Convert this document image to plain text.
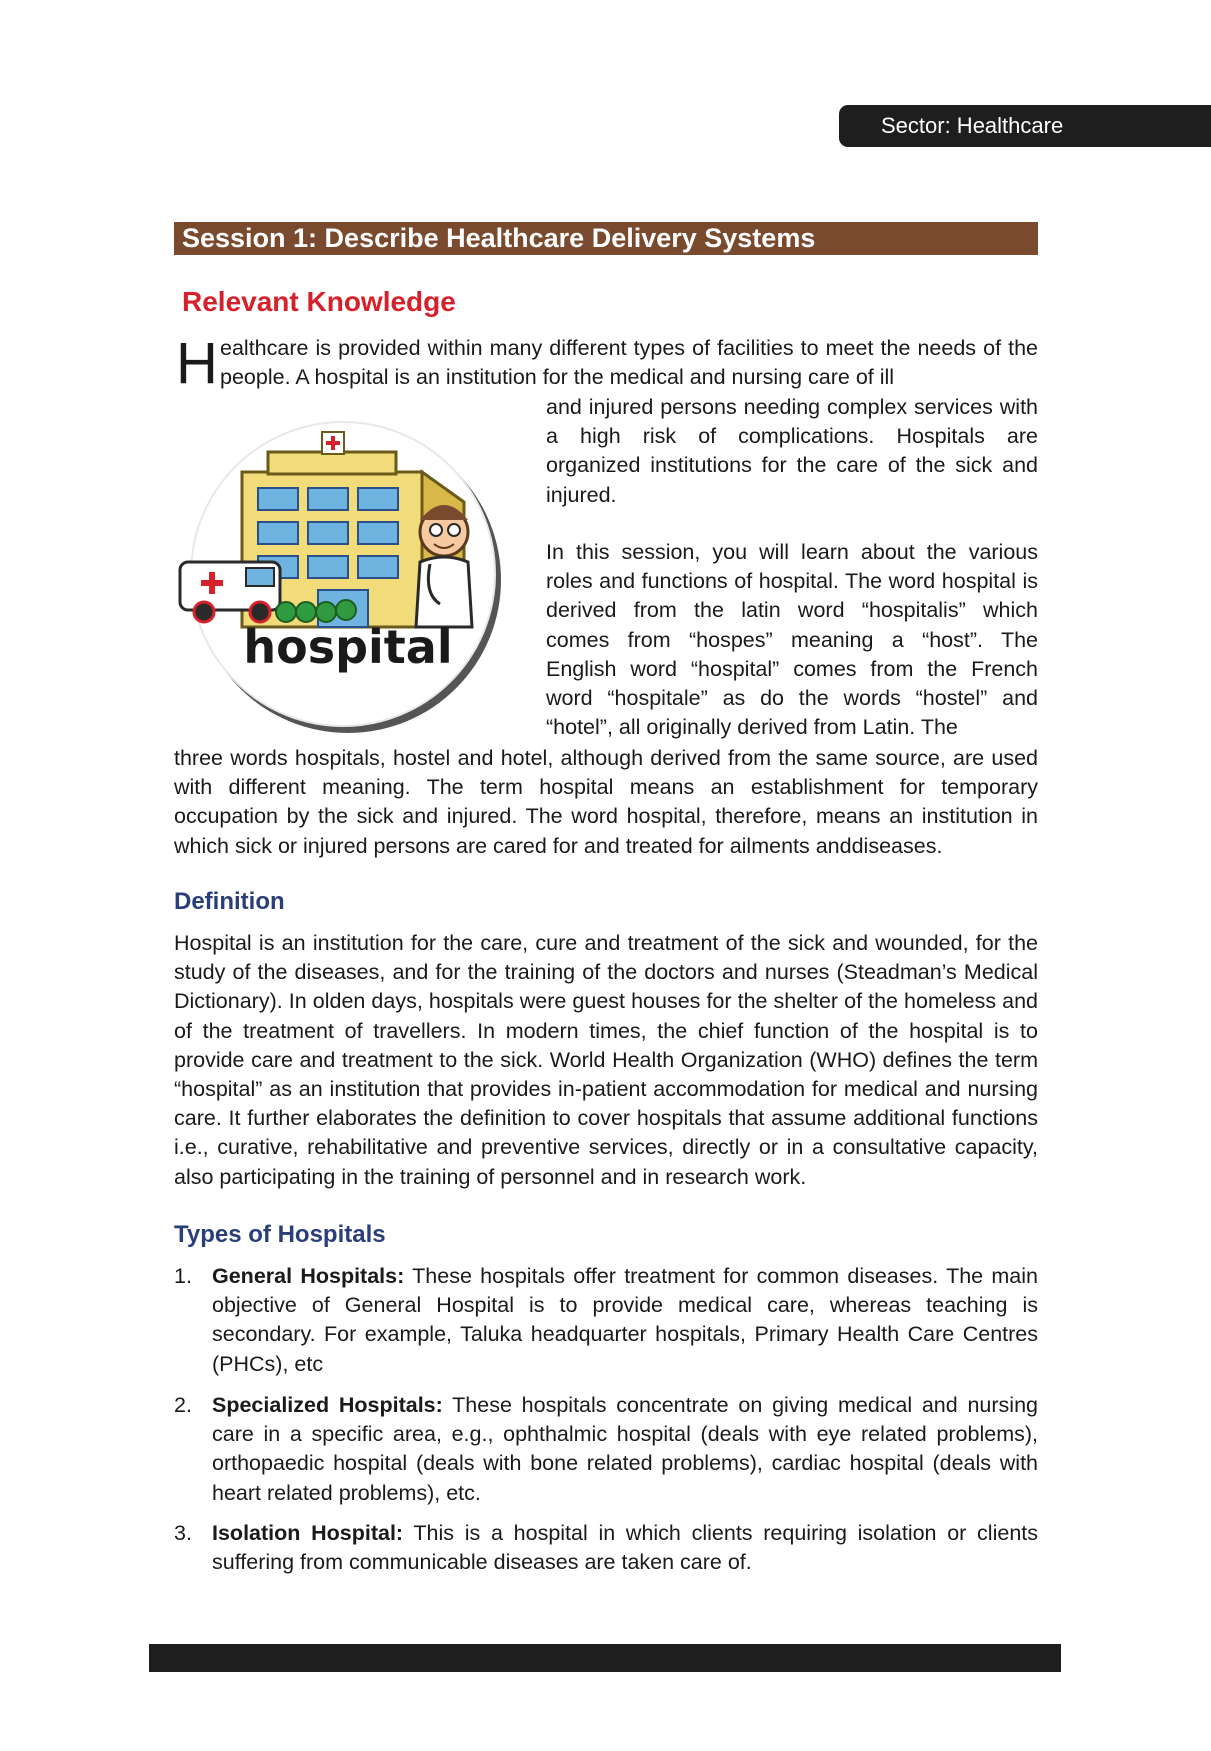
Sector: Healthcare
Session 1: Describe Healthcare Delivery Systems
Relevant Knowledge
H ealthcare is provided within many different types of facilities to meet the needs of the people. A hospital is an institution for the medical and nursing care of ill

hospital

and injured persons needing complex services with a high risk of complications. Hospitals are organized institutions for the care of the sick and injured.

In this session, you will learn about the various roles and functions of hospital. The word hospital is derived from the latin word “hospitalis” which comes from “hospes” meaning a “host”. The English word “hospital” comes from the French word “hospitale” as do the words “hostel” and “hotel”, all originally derived from Latin. The

three words hospitals, hostel and hotel, although derived from the same source, are used with different meaning. The term hospital means an establishment for temporary occupation by the sick and injured. The word hospital, therefore, means an institution in which sick or injured persons are cared for and treated for ailments anddiseases.

Definition

Hospital is an institution for the care, cure and treatment of the sick and wounded, for the study of the diseases, and for the training of the doctors and nurses (Steadman’s Medical Dictionary). In olden days, hospitals were guest houses for the shelter of the homeless and of the treatment of travellers. In modern times, the chief function of the hospital is to provide care and treatment to the sick. World Health Organization (WHO) defines the term “hospital” as an institution that provides in-patient accommodation for medical and nursing care. It further elaborates the definition to cover hospitals that assume additional functions i.e., curative, rehabilitative and preventive services, directly or in a consultative capacity, also participating in the training of personnel and in research work.

Types of Hospitals
1. General Hospitals: These hospitals offer treatment for common diseases. The main objective of General Hospital is to provide medical care, whereas teaching is secondary. For example, Taluka headquarter hospitals, Primary Health Care Centres (PHCs), etc
2. Specialized Hospitals: These hospitals concentrate on giving medical and nursing care in a specific area, e.g., ophthalmic hospital (deals with eye related problems), orthopaedic hospital (deals with bone related problems), cardiac hospital (deals with heart related problems), etc.
3. Isolation Hospital: This is a hospital in which clients requiring isolation or clients suffering from communicable diseases are taken care of.
